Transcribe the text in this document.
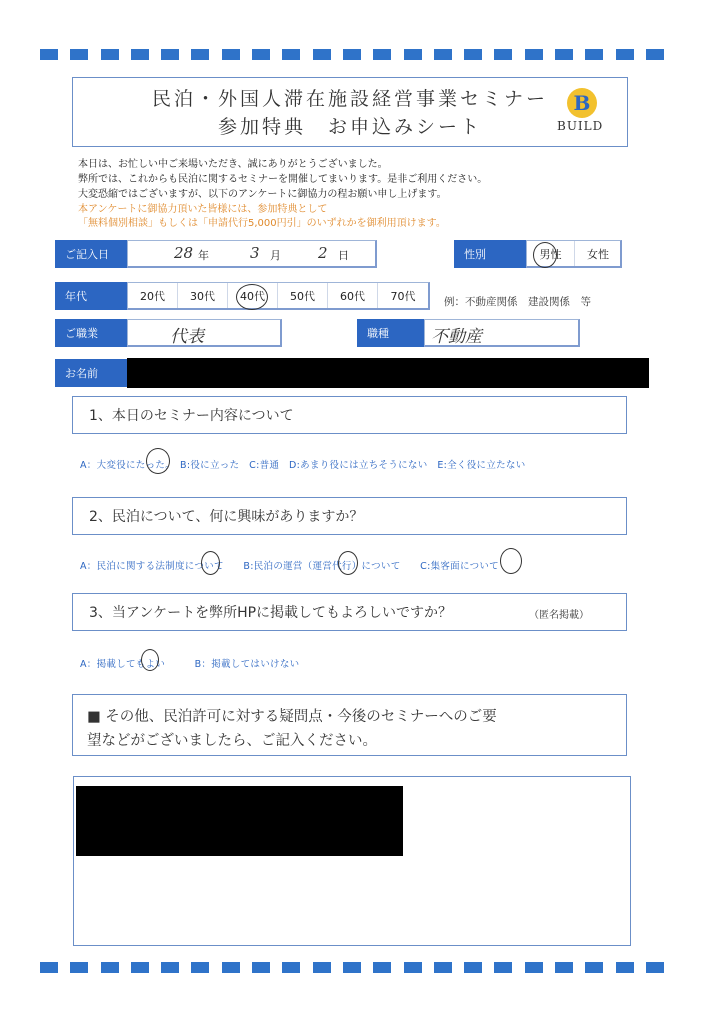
民泊・外国人滞在施設経営事業セミナー
参加特典　お申込みシート
B
BUILD
本日は、お忙しい中ご来場いただき、誠にありがとうございました。
弊所では、これからも民泊に関するセミナーを開催してまいります。是非ご利用ください。
大変恐縮ではございますが、以下のアンケートに御協力の程お願い申し上げます。
本アンケートに御協力頂いた皆様には、参加特典として
「無料個別相談」もしくは「申請代行5,000円引」のいずれかを御利用頂けます。
ご記入日	28 年	3 月 2 日	性別	男性	女性
年代	20代	30代	40代	50代	60代	70代	例：不動産関係　建設関係　等
ご職業	代表	職種	不動産
お名前
1、本日のセミナー内容について
A：大変役にたった。　B:役に立った　C:普通　D:あまり役には立ちそうにない　E:全く役に立たない
2、民泊について、何に興味がありますか？
A：民泊に関する法制度について　　B:民泊の運営（運営代行）について　　C:集客面について
3、当アンケートを弊所HPに掲載してもよろしいですか？	（匿名掲載）
A：掲載してもよい　　　B：掲載してはいけない
■ その他、民泊許可に対する疑問点・今後のセミナーへのご要
望などがございましたら、ご記入ください。
